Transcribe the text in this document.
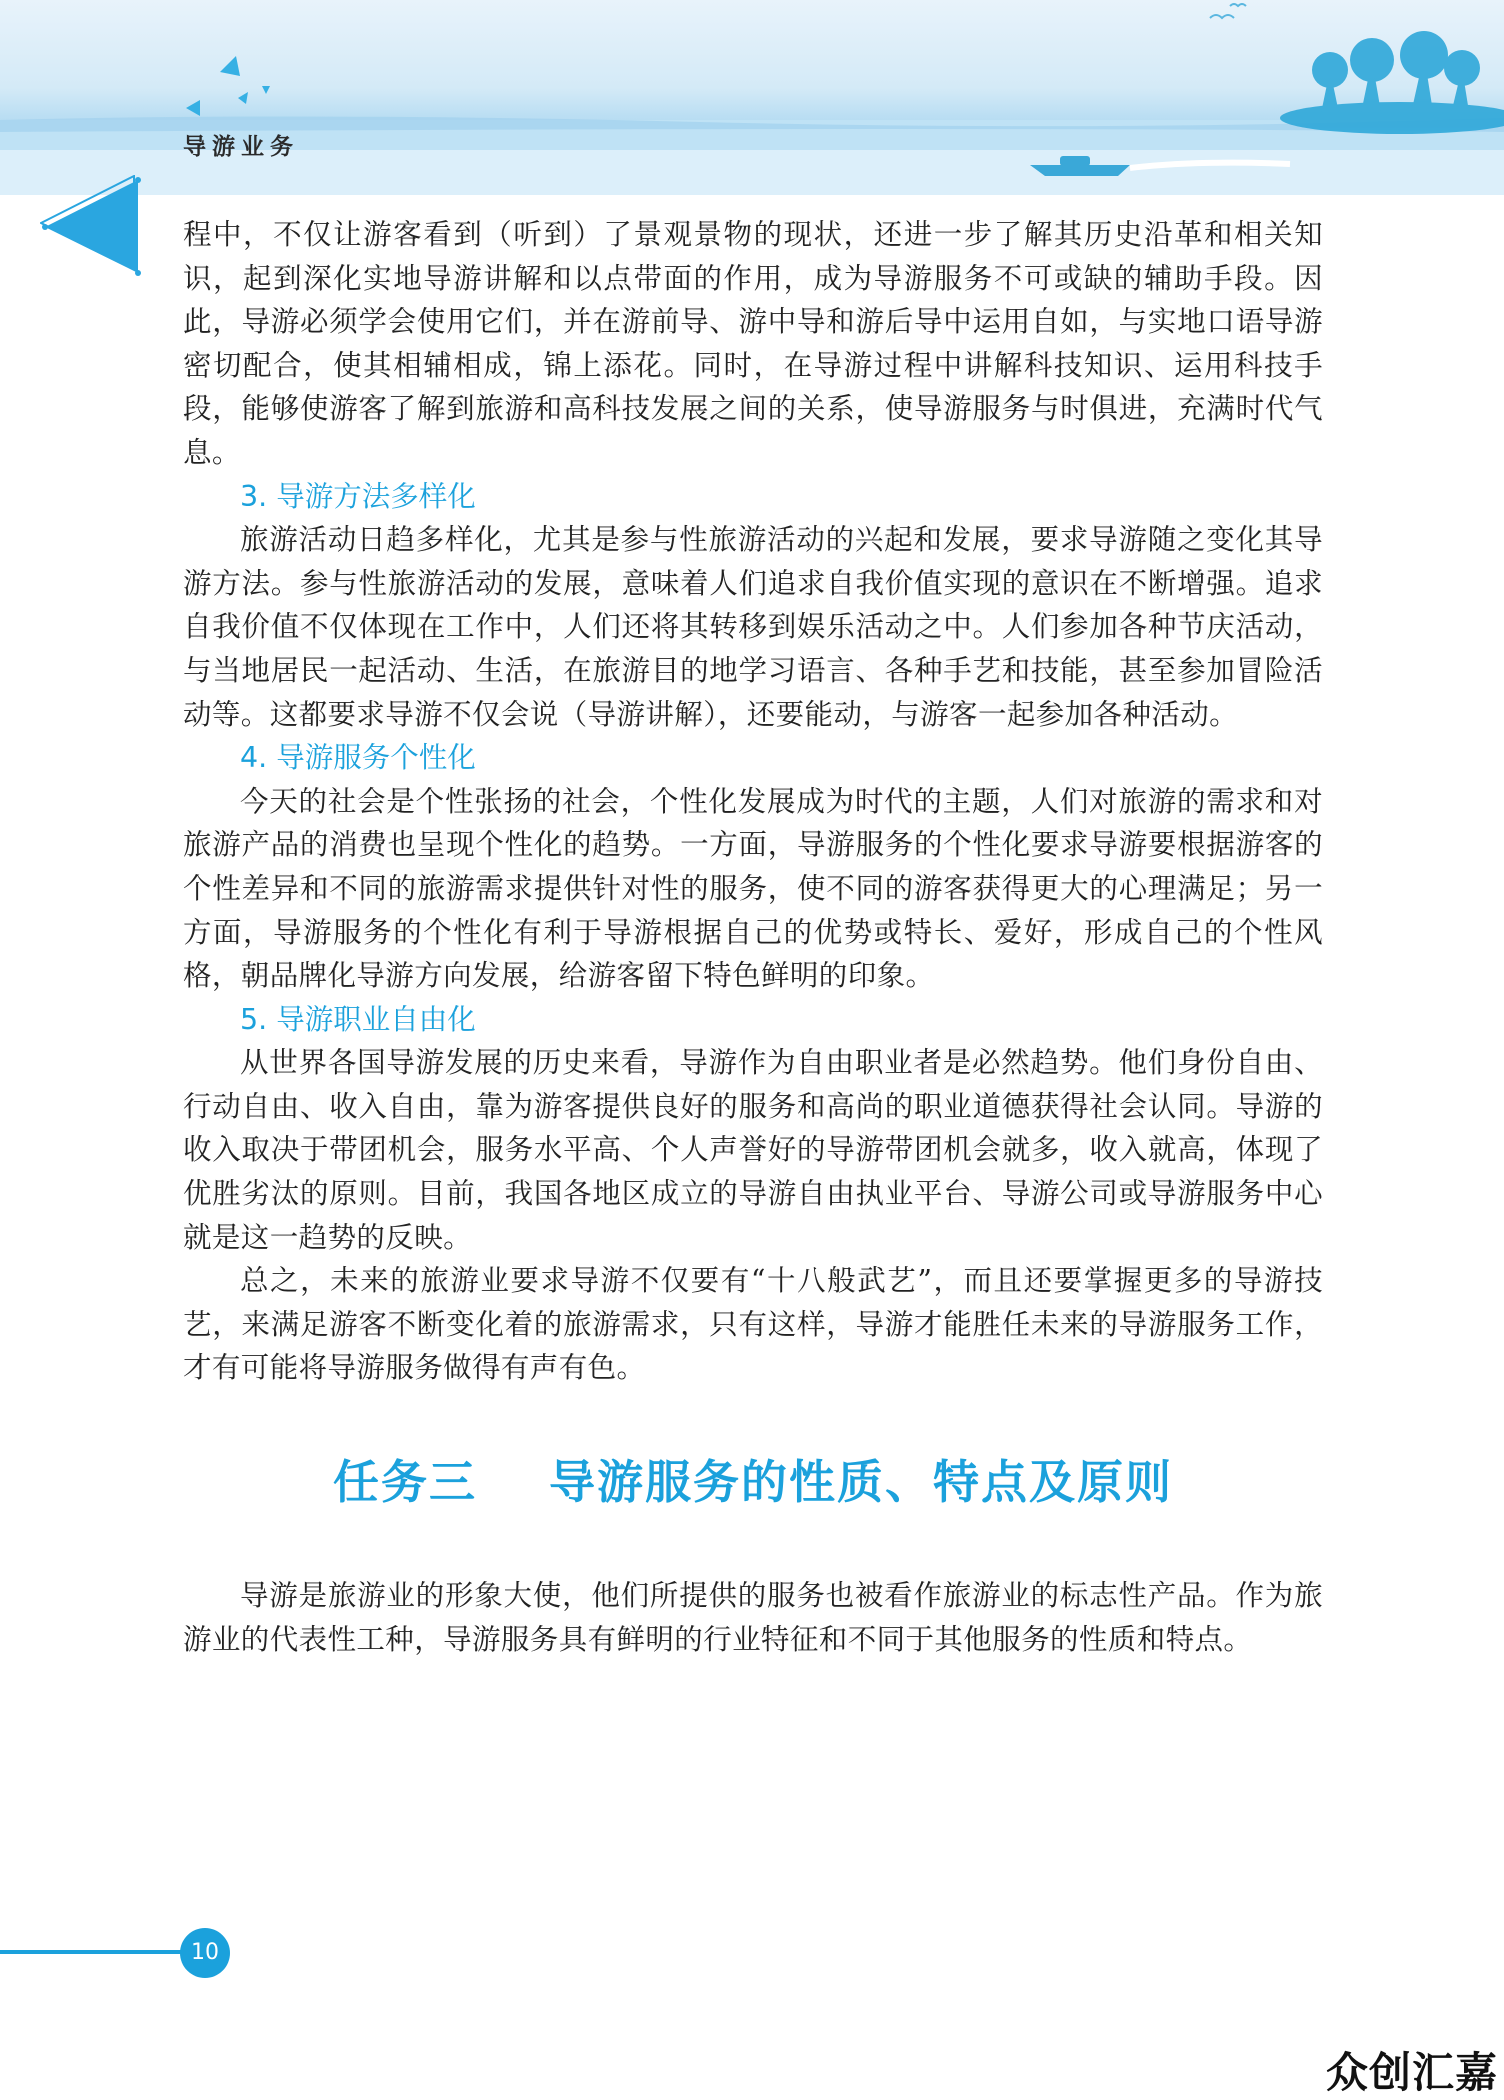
导游业务

程中，不仅让游客看到（听到）了景观景物的现状，还进一步了解其历史沿革和相关知识，起到深化实地导游讲解和以点带面的作用，成为导游服务不可或缺的辅助手段。因此，导游必须学会使用它们，并在游前导、游中导和游后导中运用自如，与实地口语导游密切配合，使其相辅相成，锦上添花。同时，在导游过程中讲解科技知识、运用科技手段，能够使游客了解到旅游和高科技发展之间的关系，使导游服务与时俱进，充满时代气息。

3. 导游方法多样化

旅游活动日趋多样化，尤其是参与性旅游活动的兴起和发展，要求导游随之变化其导游方法。参与性旅游活动的发展，意味着人们追求自我价值实现的意识在不断增强。追求自我价值不仅体现在工作中，人们还将其转移到娱乐活动之中。人们参加各种节庆活动，与当地居民一起活动、生活，在旅游目的地学习语言、各种手艺和技能，甚至参加冒险活动等。这都要求导游不仅会说（导游讲解），还要能动，与游客一起参加各种活动。

4. 导游服务个性化

今天的社会是个性张扬的社会，个性化发展成为时代的主题，人们对旅游的需求和对旅游产品的消费也呈现个性化的趋势。一方面，导游服务的个性化要求导游要根据游客的个性差异和不同的旅游需求提供针对性的服务，使不同的游客获得更大的心理满足；另一方面，导游服务的个性化有利于导游根据自己的优势或特长、爱好，形成自己的个性风格，朝品牌化导游方向发展，给游客留下特色鲜明的印象。

5. 导游职业自由化

从世界各国导游发展的历史来看，导游作为自由职业者是必然趋势。他们身份自由、行动自由、收入自由，靠为游客提供良好的服务和高尚的职业道德获得社会认同。导游的收入取决于带团机会，服务水平高、个人声誉好的导游带团机会就多，收入就高，体现了优胜劣汰的原则。目前，我国各地区成立的导游自由执业平台、导游公司或导游服务中心就是这一趋势的反映。

总之，未来的旅游业要求导游不仅要有“十八般武艺”，而且还要掌握更多的导游技艺，来满足游客不断变化着的旅游需求，只有这样，导游才能胜任未来的导游服务工作，才有可能将导游服务做得有声有色。

任务三    导游服务的性质、特点及原则

导游是旅游业的形象大使，他们所提供的服务也被看作旅游业的标志性产品。作为旅游业的代表性工种，导游服务具有鲜明的行业特征和不同于其他服务的性质和特点。

10
众创汇嘉
